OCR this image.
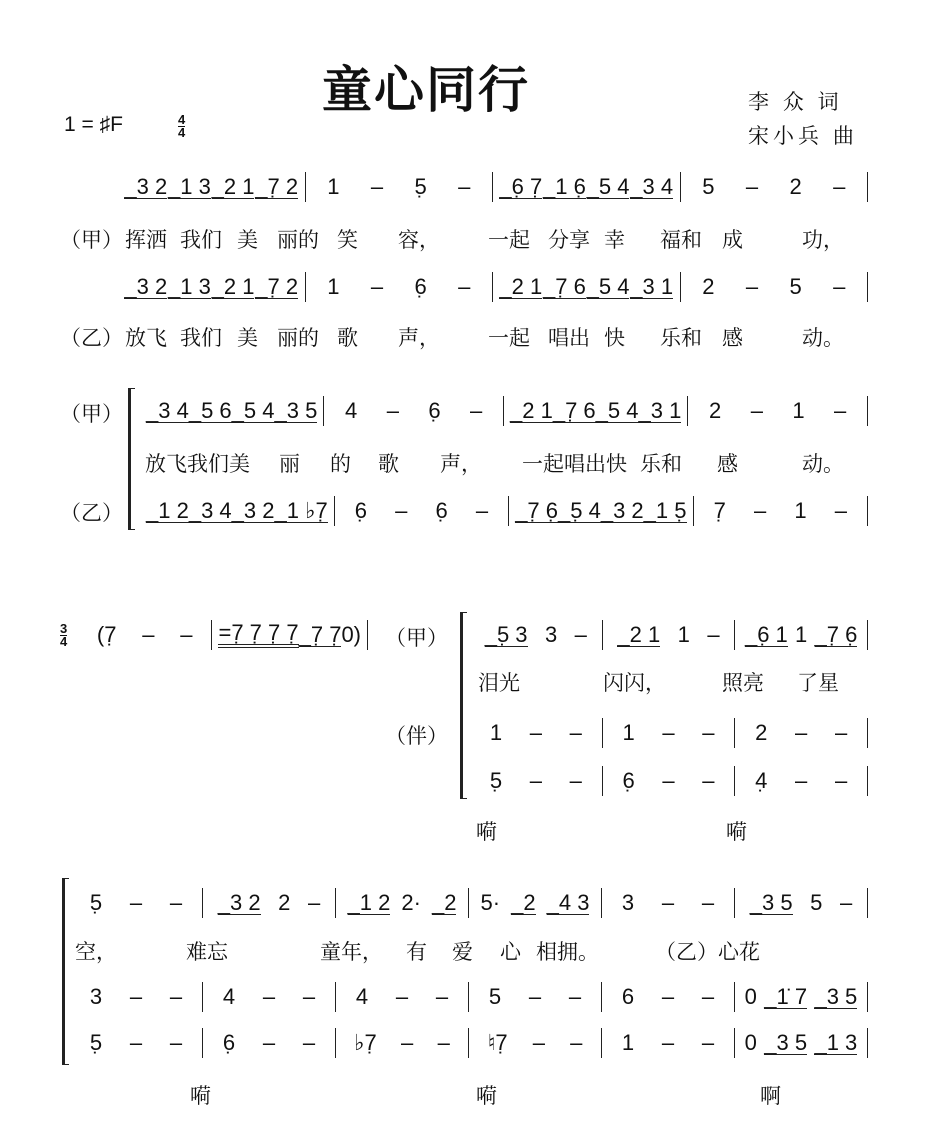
童心同行	李 众 词
宋小兵 曲
1 = ♯F	$\frac{4}{4}$
_3 2 _1 3 _2 1 _7̣ 2 1 – 5̣ – _6̣ 7̣ _1 6̣ _5 4 _3 4 5 – 2 –
（甲） 挥洒 我们 美 丽的 笑 容， 一起 分享 幸 福和 成	功，
_3 2 _1 3 _2 1 _7̣ 2 1 – 6̣ – _2 1 _7̣ 6 _5 4 _3 1 2 – 5 –
（乙） 放飞 我们 美 丽的 歌 声， 一起 唱出 快 乐和 感	动。
（甲）
（乙）
_3 4 _5 6 _5 4 _3 5 4 – 6̣ – _2 1 _7̣ 6 _5 4 _3 1 2 – 1 –
放飞我们美 丽 的 歌 声， 一起唱出快 乐和 感	动。
_1 2 _3 4 _3 2 _1 ♭7̣ 6̣ – 6̣ – _7̣ 6̣ _5̣ 4 _3 2 _1 5̣ 7̣ – 1 –
$\frac{3}{4}$ (7̣ – – =7̣ 7̣ 7̣ 7̣ _7̣ 7̣ 0) （甲）
（伴）
_5̣ 3 3 – _2 1 1 – _6̣ 1 1 _7̣ 6̣
泪光	闪闪，	照亮 了星
1 – – 1 – – 2 – –
5̣ – – 6̣ – – 4̣ – –
嗬	嗬
5̣ – – _3 2 2 – _1 2 2· _2 5· _2 _4 3 3 – – _3 5 5 –
空，	难忘	童年， 有 爱 心 相拥。	（乙）心花
3 – – 4 – – 4 – – 5 – – 6 – – 0 _1̇ 7 _3 5
5̣ – – 6̣ – – ♭7̣ – – ♮7̣ – – 1 – – 0 _3 5 _1 3
嗬	嗬	啊
